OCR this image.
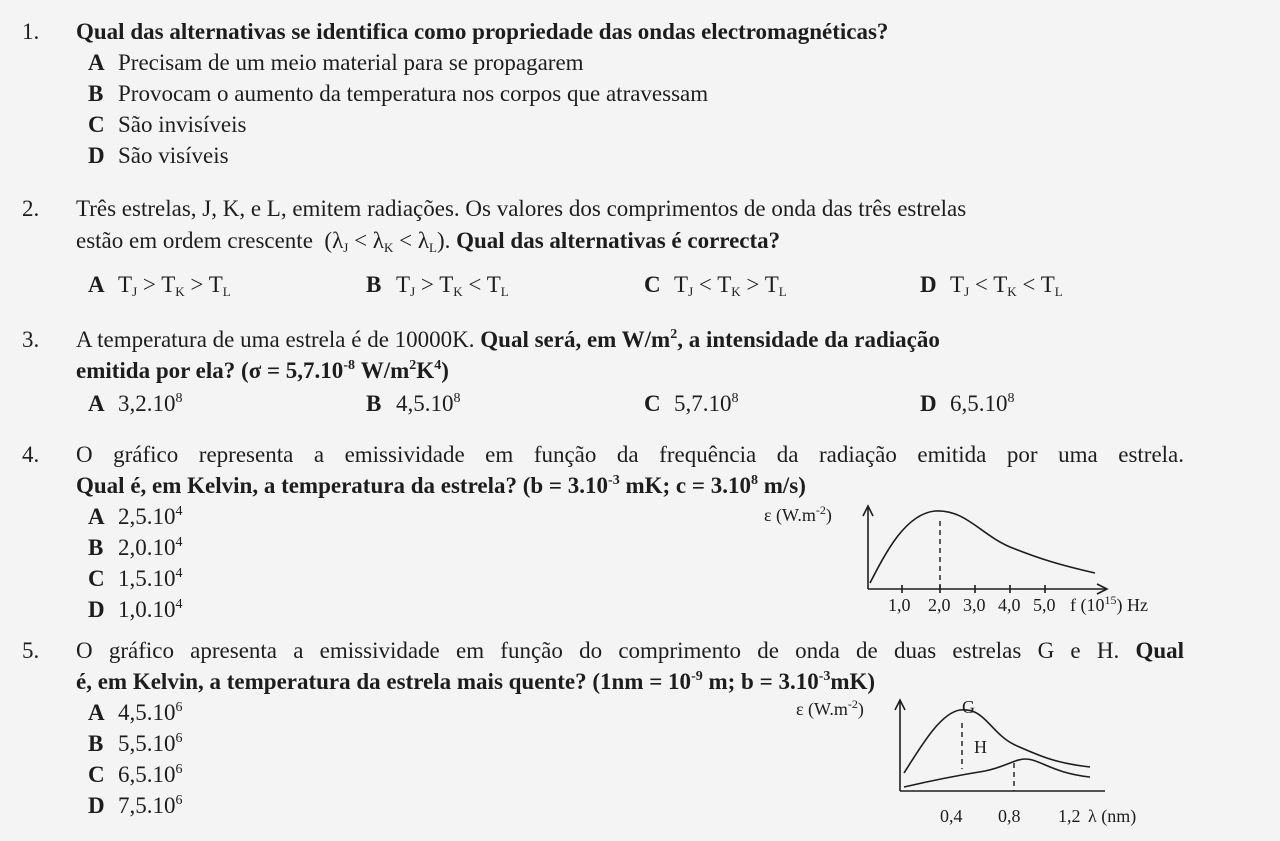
1. Qual das alternativas se identifica como propriedade das ondas electromagnéticas?
A Precisam de um meio material para se propagarem
B Provocam o aumento da temperatura nos corpos que atravessam
C São invisíveis
D São visíveis
2. Três estrelas, J, K, e L, emitem radiações. Os valores dos comprimentos de onda das três estrelas
estão em ordem crescente $(\lambda_J < \lambda_K < \lambda_L)$. Qual das alternativas é correcta?
A $T_J > T_K > T_L$	B $T_J > T_K < T_L$	C $T_J < T_K > T_L$	D $T_J < T_K < T_L$
3. A temperatura de uma estrela é de 10000K. Qual será, em $W/m^2$, a intensidade da radiação
emitida por ela? ($\sigma = 5,7.10^{-8}$ $W/m^2K^4$)
A 3,2.10$^8$	B 4,5.10$^8$	C 5,7.10$^8$	D 6,5.10$^8$
4. O gráfico representa a emissividade em função da frequência da radiação emitida por uma estrela.
Qual é, em Kelvin, a temperatura da estrela? ($b = 3.10^{-3}$ mK; $c = 3.10^8$ m/s)
A 2,5.10$^4$
B 2,0.10$^4$
C 1,5.10$^4$
D 1,0.10$^4$
ε $(W.m^{-2})$
1,0 2,0 3,0 4,0 5,0 f $(10^{15})$ Hz
5. O gráfico apresenta a emissividade em função do comprimento de onda de duas estrelas G e H. Qual
é, em Kelvin, a temperatura da estrela mais quente? ($1nm = 10^{-9}$ m; $b = 3.10^{-3}mK$)
A 4,5.10$^6$
B 5,5.10$^6$
C 6,5.10$^6$
D 7,5.10$^6$
ε $(W.m^{-2})$	G
H
0,4 0,8 1,2 λ (nm)
